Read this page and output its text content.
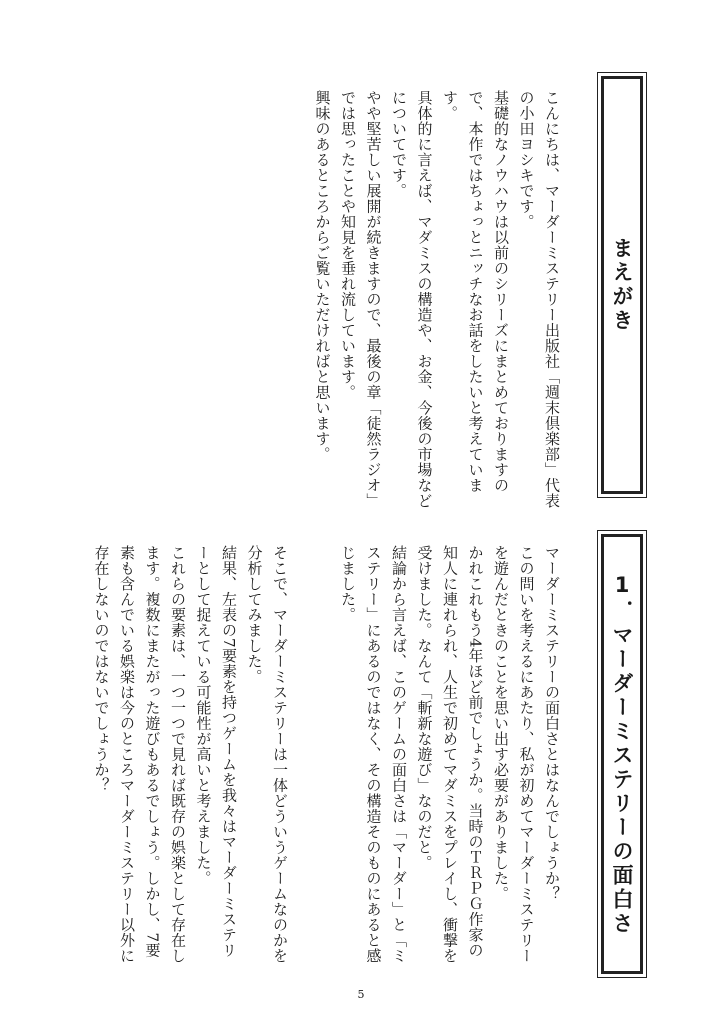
まえがき

こんにちは、マーダーミステリー出版社「週末倶楽部」代表の小田ヨシキです。

基礎的なノウハウは以前のシリーズにまとめておりますので、本作ではちょっとニッチなお話をしたいと考えています。

具体的に言えば、マダミスの構造や、お金、今後の市場などについてです。

やや堅苦しい展開が続きますので、最後の章「徒然ラジオ」では思ったことや知見を垂れ流しています。

興味のあるところからご覧いただければと思います。

1．マーダーミステリーの面白さ

マーダーミステリーの面白さとはなんでしょうか？

この問いを考えるにあたり、私が初めてマーダーミステリーを遊んだときのことを思い出す必要がありました。

かれこれもう4年ほど前でしょうか。当時のＴＲＰＧ作家の知人に連れられ、人生で初めてマダミスをプレイし、衝撃を受けました。なんて「斬新な遊び」なのだと。

結論から言えば、このゲームの面白さは「マーダー」と「ミステリー」にあるのではなく、その構造そのものにあると感じました。

そこで、マーダーミステリーは一体どういうゲームなのかを分析してみました。

結果、左表の7要素を持つゲームを我々はマーダーミステリーとして捉えている可能性が高いと考えました。

これらの要素は、一つ一つで見れば既存の娯楽として存在します。複数にまたがった遊びもあるでしょう。しかし、7要素も含んでいる娯楽は今のところマーダーミステリー以外に存在しないのではないでしょうか？

5
